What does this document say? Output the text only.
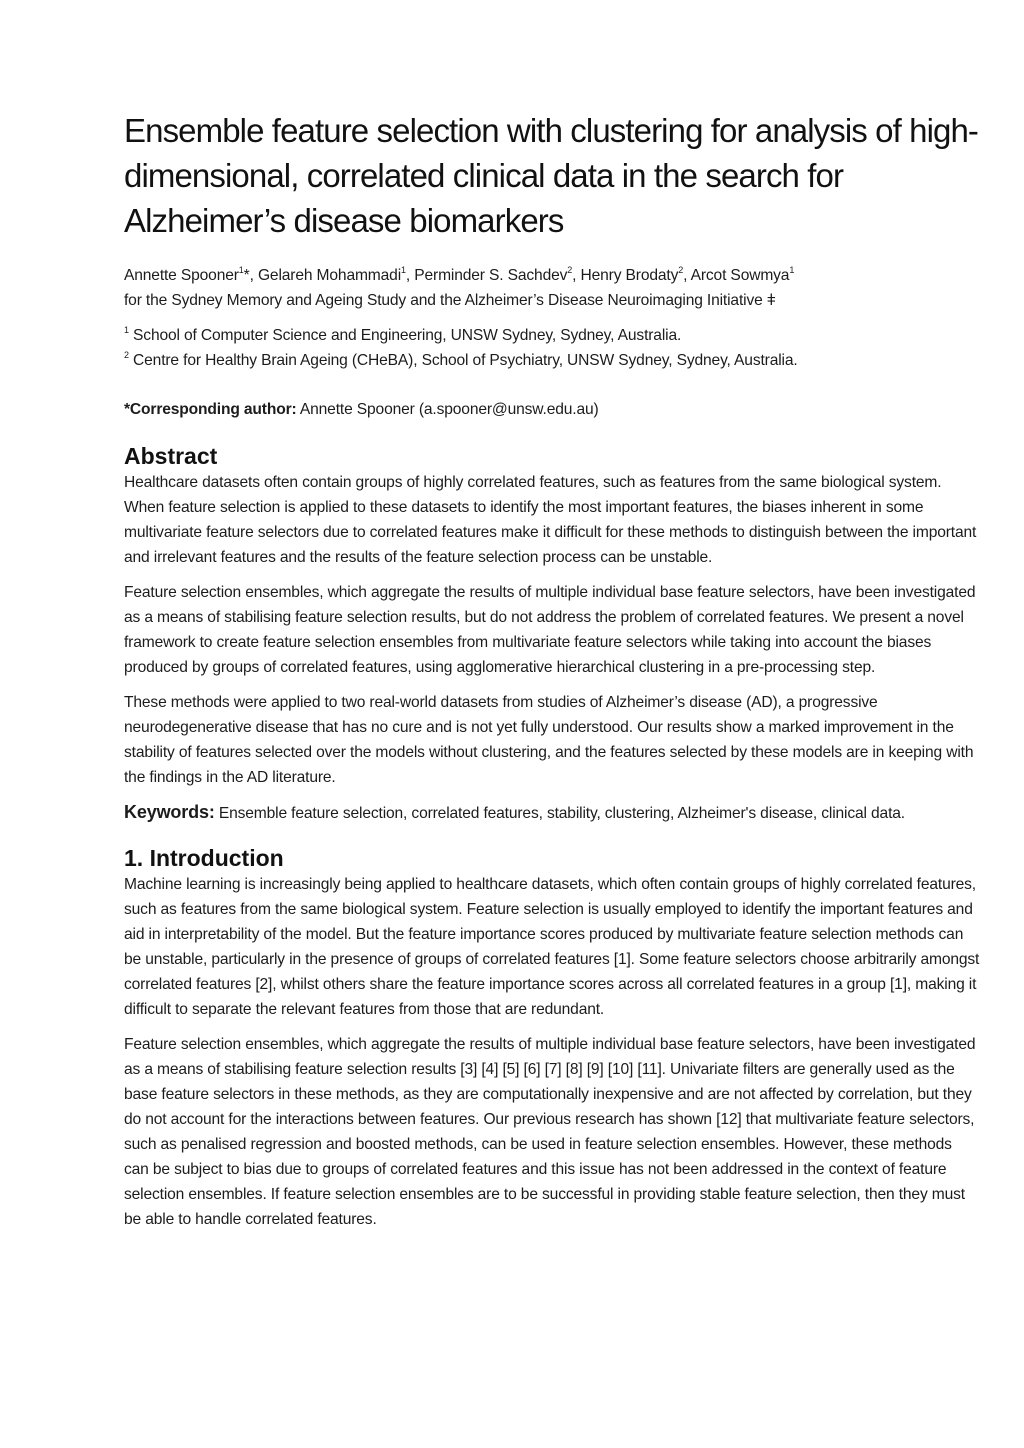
Ensemble feature selection with clustering for analysis of high-dimensional, correlated clinical data in the search for Alzheimer’s disease biomarkers

Annette Spooner$^1$*, Gelareh Mohammadi$^1$, Perminder S. Sachdev$^2$, Henry Brodaty$^2$, Arcot Sowmya$^1$
for the Sydney Memory and Ageing Study and the Alzheimer’s Disease Neuroimaging Initiative ǂ

$^1$ School of Computer Science and Engineering, UNSW Sydney, Sydney, Australia.
$^2$ Centre for Healthy Brain Ageing (CHeBA), School of Psychiatry, UNSW Sydney, Sydney, Australia.

*Corresponding author: Annette Spooner (a.spooner@unsw.edu.au)

Abstract

Healthcare datasets often contain groups of highly correlated features, such as features from the same biological system. When feature selection is applied to these datasets to identify the most important features, the biases inherent in some multivariate feature selectors due to correlated features make it difficult for these methods to distinguish between the important and irrelevant features and the results of the feature selection process can be unstable.

Feature selection ensembles, which aggregate the results of multiple individual base feature selectors, have been investigated as a means of stabilising feature selection results, but do not address the problem of correlated features. We present a novel framework to create feature selection ensembles from multivariate feature selectors while taking into account the biases produced by groups of correlated features, using agglomerative hierarchical clustering in a pre-processing step.

These methods were applied to two real-world datasets from studies of Alzheimer’s disease (AD), a progressive neurodegenerative disease that has no cure and is not yet fully understood. Our results show a marked improvement in the stability of features selected over the models without clustering, and the features selected by these models are in keeping with the findings in the AD literature.

Keywords: Ensemble feature selection, correlated features, stability, clustering, Alzheimer's disease, clinical data.

1. Introduction

Machine learning is increasingly being applied to healthcare datasets, which often contain groups of highly correlated features, such as features from the same biological system. Feature selection is usually employed to identify the important features and aid in interpretability of the model. But the feature importance scores produced by multivariate feature selection methods can be unstable, particularly in the presence of groups of correlated features [1]. Some feature selectors choose arbitrarily amongst correlated features [2], whilst others share the feature importance scores across all correlated features in a group [1], making it difficult to separate the relevant features from those that are redundant.

Feature selection ensembles, which aggregate the results of multiple individual base feature selectors, have been investigated as a means of stabilising feature selection results [3] [4] [5] [6] [7] [8] [9] [10] [11]. Univariate filters are generally used as the base feature selectors in these methods, as they are computationally inexpensive and are not affected by correlation, but they do not account for the interactions between features. Our previous research has shown [12] that multivariate feature selectors, such as penalised regression and boosted methods, can be used in feature selection ensembles. However, these methods can be subject to bias due to groups of correlated features and this issue has not been addressed in the context of feature selection ensembles. If feature selection ensembles are to be successful in providing stable feature selection, then they must be able to handle correlated features.
